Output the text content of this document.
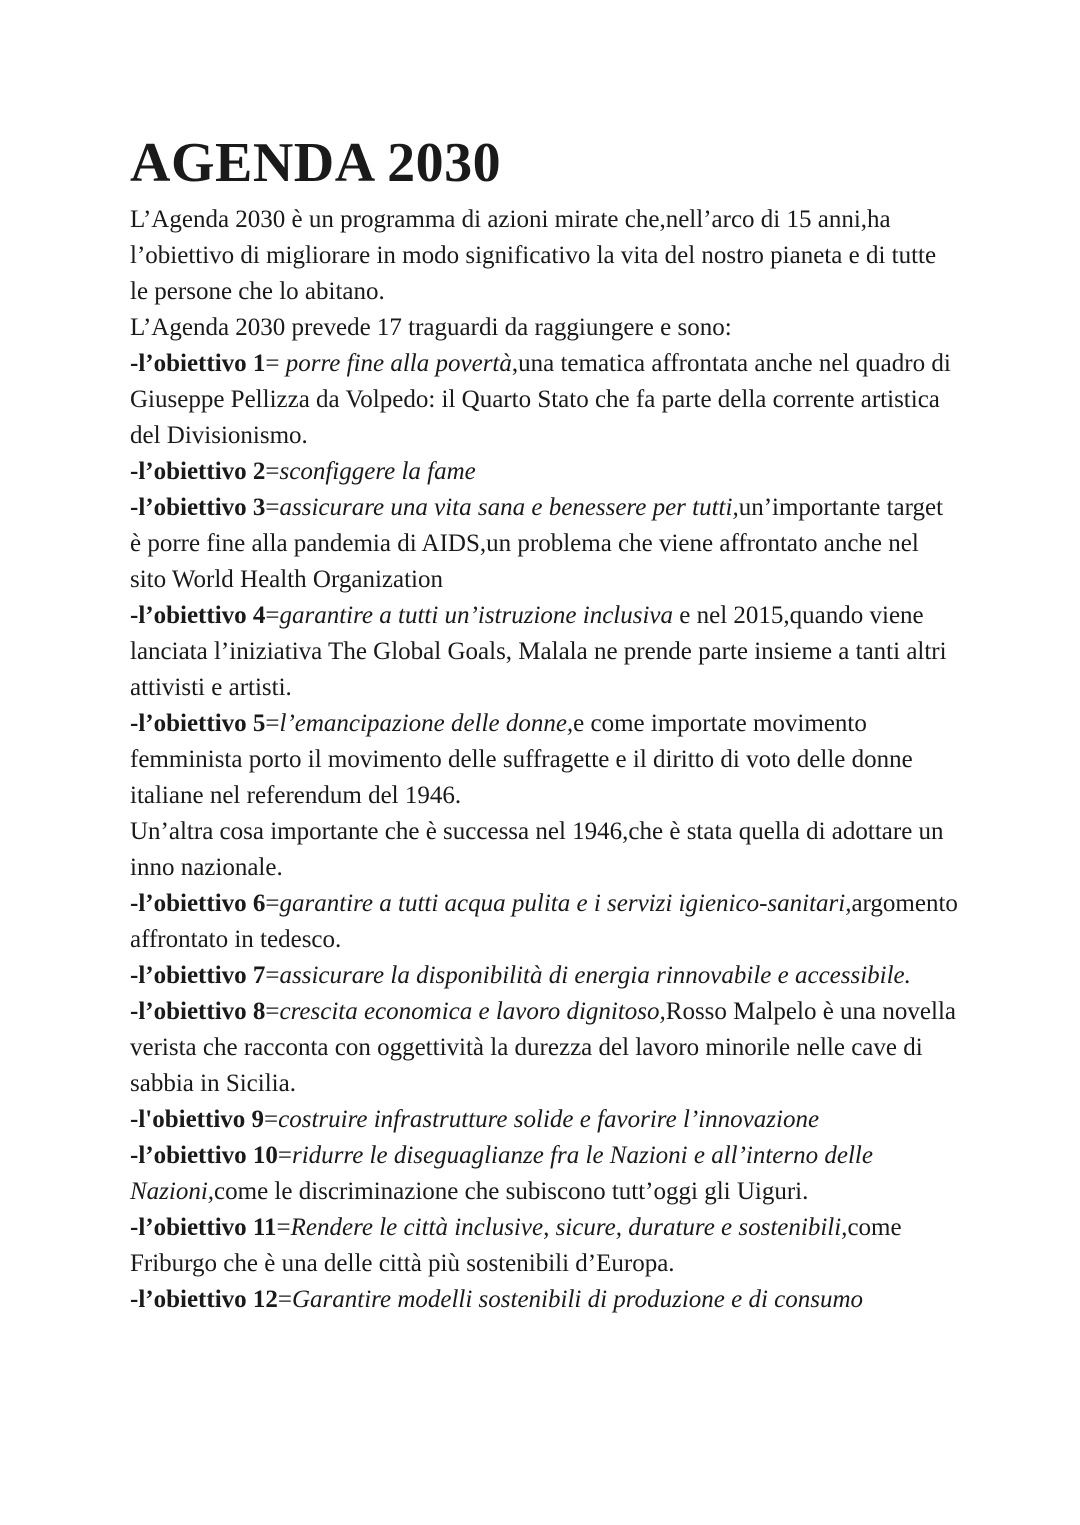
AGENDA 2030

L’Agenda 2030 è un programma di azioni mirate che,nell’arco di 15 anni,ha l’obiettivo di migliorare in modo significativo la vita del nostro pianeta e di tutte le persone che lo abitano.

L’Agenda 2030 prevede 17 traguardi da raggiungere e sono:

-l’obiettivo 1= porre fine alla povertà,una tematica affrontata anche nel quadro di Giuseppe Pellizza da Volpedo: il Quarto Stato che fa parte della corrente artistica del Divisionismo.

-l’obiettivo 2=sconfiggere la fame

-l’obiettivo 3=assicurare una vita sana e benessere per tutti,un’importante target è porre fine alla pandemia di AIDS,un problema che viene affrontato anche nel sito World Health Organization

-l’obiettivo 4=garantire a tutti un’istruzione inclusiva e nel 2015,quando viene lanciata l’iniziativa The Global Goals, Malala ne prende parte insieme a tanti altri attivisti e artisti.

-l’obiettivo 5=l’emancipazione delle donne,e come importate movimento femminista porto il movimento delle suffragette e il diritto di voto delle donne italiane nel referendum del 1946.

Un’altra cosa importante che è successa nel 1946,che è stata quella di adottare un inno nazionale.

-l’obiettivo 6=garantire a tutti acqua pulita e i servizi igienico-sanitari,argomento affrontato in tedesco.

-l’obiettivo 7=assicurare la disponibilità di energia rinnovabile e accessibile.

-l’obiettivo 8=crescita economica e lavoro dignitoso,Rosso Malpelo è una novella verista che racconta con oggettività la durezza del lavoro minorile nelle cave di sabbia in Sicilia.

-l'obiettivo 9=costruire infrastrutture solide e favorire l’innovazione

-l’obiettivo 10=ridurre le diseguaglianze fra le Nazioni e all’interno delle Nazioni,come le discriminazione che subiscono tutt’oggi gli Uiguri.

-l’obiettivo 11=Rendere le città inclusive, sicure, durature e sostenibili,come Friburgo che è una delle città più sostenibili d’Europa.

-l’obiettivo 12=Garantire modelli sostenibili di produzione e di consumo
